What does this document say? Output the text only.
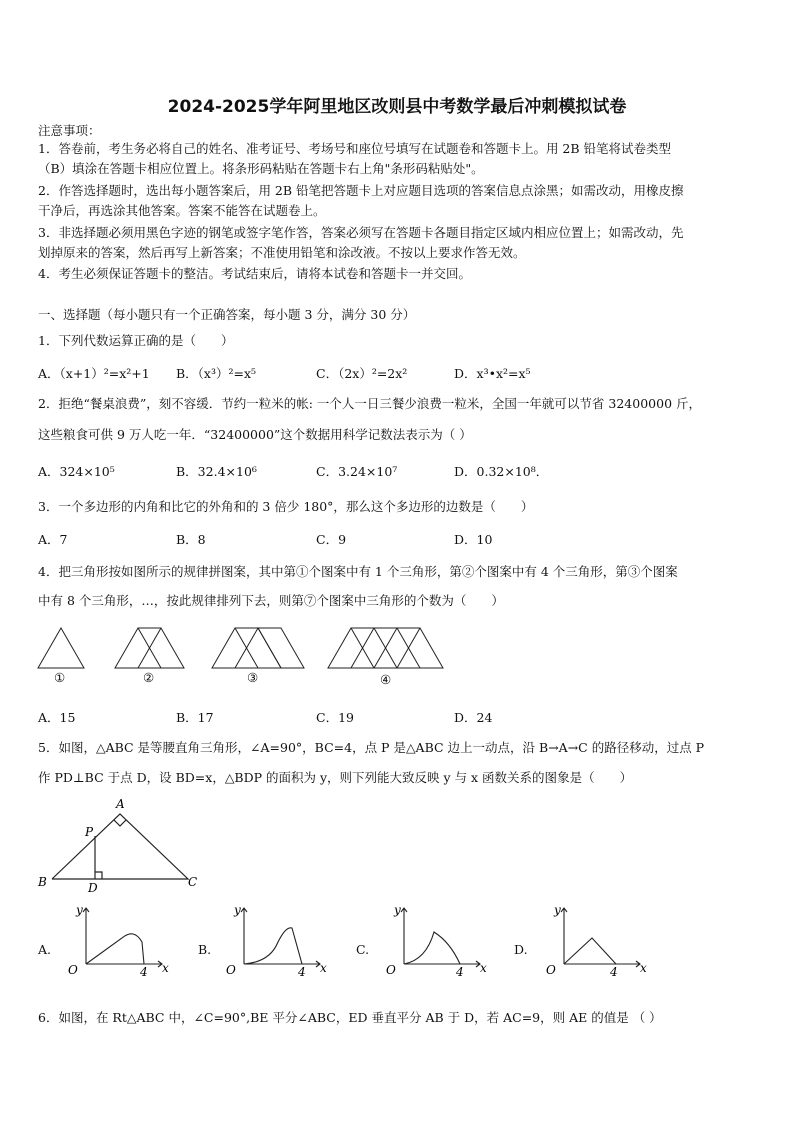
2024-2025学年阿里地区改则县中考数学最后冲刺模拟试卷
注意事项：
1．答卷前，考生务必将自己的姓名、准考证号、考场号和座位号填写在试题卷和答题卡上。用 2B 铅笔将试卷类型
（B）填涂在答题卡相应位置上。将条形码粘贴在答题卡右上角"条形码粘贴处"。
2．作答选择题时，选出每小题答案后，用 2B 铅笔把答题卡上对应题目选项的答案信息点涂黑；如需改动，用橡皮擦
干净后，再选涂其他答案。答案不能答在试题卷上。
3．非选择题必须用黑色字迹的钢笔或签字笔作答，答案必须写在答题卡各题目指定区域内相应位置上；如需改动，先
划掉原来的答案，然后再写上新答案；不准使用铅笔和涂改液。不按以上要求作答无效。
4．考生必须保证答题卡的整洁。考试结束后，请将本试卷和答题卡一并交回。
一、选择题（每小题只有一个正确答案，每小题 3 分，满分 30 分）
1．下列代数运算正确的是（　　）
A．（x+1）²=x²+1 B．（x³）²=x⁵	C．（2x）²=2x²	D．x³•x²=x⁵
2．拒绝“餐桌浪费”，刻不容缓．节约一粒米的帐: 一个人一日三餐少浪费一粒米，全国一年就可以节省 32400000 斤，
这些粮食可供 9 万人吃一年．“32400000”这个数据用科学记数法表示为（ ）
A．324×10⁵	B．32.4×10⁶	C．3.24×10⁷	D．0.32×10⁸．
3．一个多边形的内角和比它的外角和的 3 倍少 180°，那么这个多边形的边数是（　　）
A．7	B．8	C．9	D．10
4．把三角形按如图所示的规律拼图案，其中第①个图案中有 1 个三角形，第②个图案中有 4 个三角形，第③个图案
中有 8 个三角形，…，按此规律排列下去，则第⑦个图案中三角形的个数为（　　）
①	②	③	④
A．15	B．17	C．19	D．24
5．如图，△ABC 是等腰直角三角形，∠A=90°，BC=4，点 P 是△ABC 边上一动点，沿 B→A→C 的路径移动，过点 P
作 PD⊥BC 于点 D，设 BD=x，△BDP 的面积为 y，则下列能大致反映 y 与 x 函数关系的图象是（　　）
A
P
B	D	C
A.
y
O	4 x
B.
y
O	4 x
C.
y
O	4 x
D.
y
O	4 x
6．如图，在 Rt△ABC 中，∠C=90°,BE 平分∠ABC，ED 垂直平分 AB 于 D，若 AC=9，则 AE 的值是 （ ）
